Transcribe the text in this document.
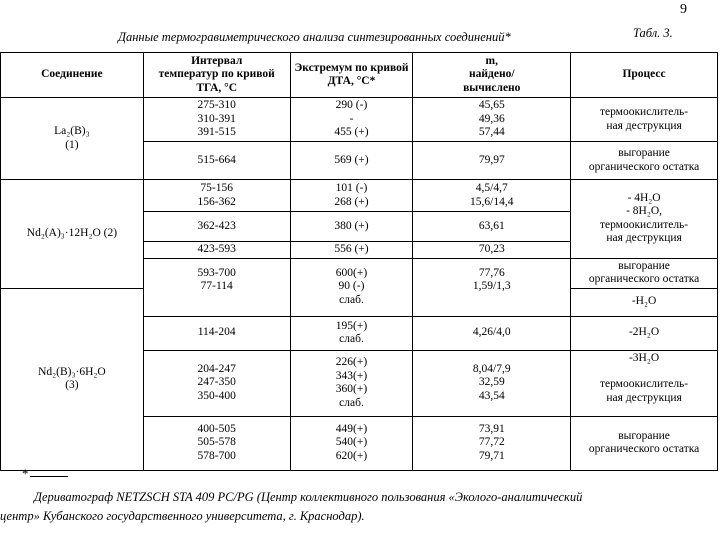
9
Данные термогравиметрического анализа синтезированных соединений*	Табл. 3.
Соединение	Интервал
температур по кривой
ТГА, °С	Экстремум по кривой
ДТА, °С*	m,
найдено/
вычислено	Процесс

La₂(B)₃
(1)	275-310
310-391
391-515	290 (-)
-
455 (+)	45,65
49,36
57,44	термоокислитель-
ная деструкция

	515-664	569 (+)	79,97	выгорание
органического остатка

Nd₂(A)₃·12H₂O (2)	75-156
156-362	101 (-)
268 (+)	4,5/4,7
15,6/14,4	- 4H₂O
- 8H₂O,
термоокислитель-
ная деструкция

	362-423	380 (+)	63,61	
	423-593	556 (+)	70,23	

	593-700
77-114	600(+)
90 (-)
слаб.	77,76
1,59/1,3	выгорание
органического остатка

Nd₂(B)₃·6H₂O
(3)				-H₂O
	114-204	195(+)
слаб.	4,26/4,0	-2H₂O

	204-247
247-350
350-400	226(+)
343(+)
360(+)
слаб.	8,04/7,9
32,59
43,54	-3H₂O
термоокислитель-
ная деструкция

	400-505
505-578
578-700	449(+)
540(+)
620(+)	73,91
77,72
79,71	выгорание
органического остатка
*
Дериватограф NETZSCH STA 409 PC/PG (Центр коллективного пользования «Эколого-аналитический
центр» Кубанского государственного университета, г. Краснодар).
